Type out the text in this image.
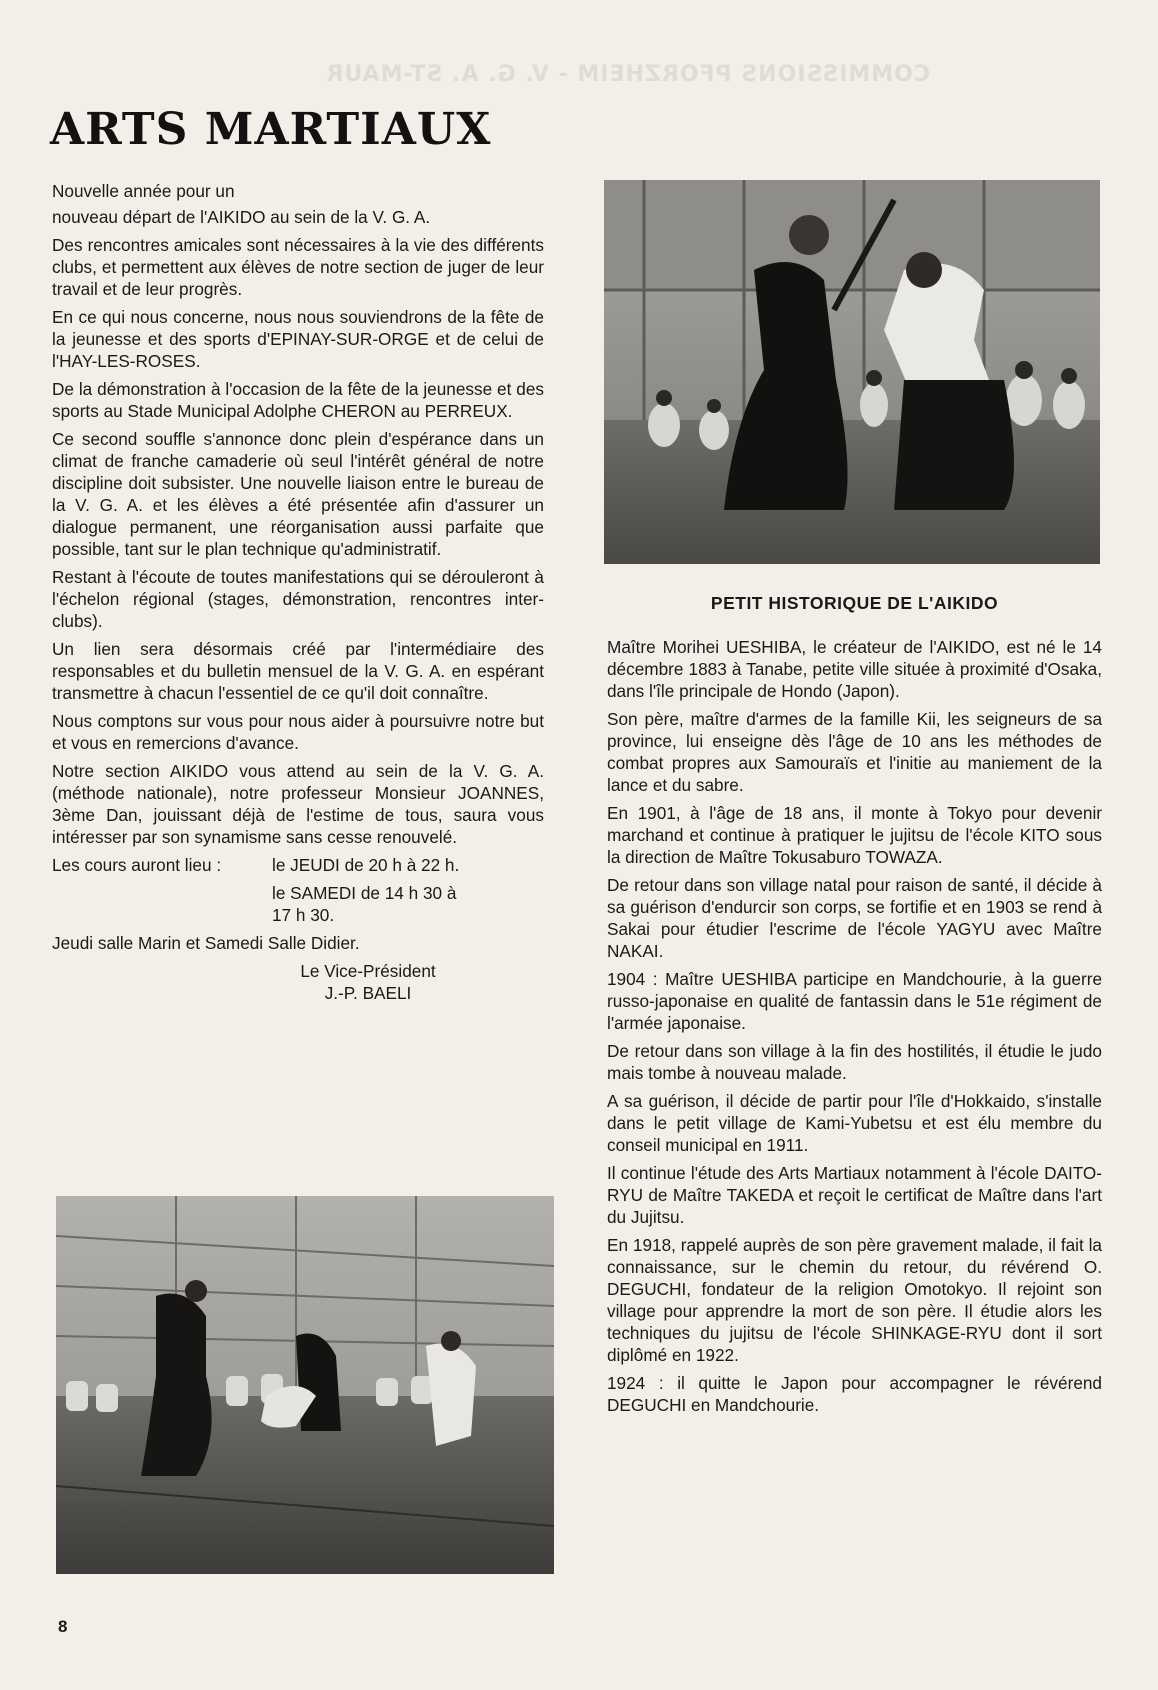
COMMISSIONS PFORZHEIM - V. G. A. ST-MAUR
ARTS MARTIAUX

Nouvelle année pour un

nouveau départ de l'AIKIDO au sein de la V. G. A.

Des rencontres amicales sont nécessaires à la vie des différents clubs, et permettent aux élèves de notre section de juger de leur travail et de leur progrès.

En ce qui nous concerne, nous nous souviendrons de la fête de la jeunesse et des sports d'EPINAY-SUR-ORGE et de celui de l'HAY-LES-ROSES.

De la démonstration à l'occasion de la fête de la jeunesse et des sports au Stade Municipal Adolphe CHERON au PERREUX.

Ce second souffle s'annonce donc plein d'espérance dans un climat de franche camaderie où seul l'intérêt général de notre discipline doit subsister. Une nouvelle liaison entre le bureau de la V. G. A. et les élèves a été présentée afin d'assurer un dialogue permanent, une réorganisation aussi parfaite que possible, tant sur le plan technique qu'administratif.

Restant à l'écoute de toutes manifestations qui se dérouleront à l'échelon régional (stages, démonstration, rencontres inter-clubs).

Un lien sera désormais créé par l'intermédiaire des responsables et du bulletin mensuel de la V. G. A. en espérant transmettre à chacun l'essentiel de ce qu'il doit connaître.

Nous comptons sur vous pour nous aider à poursuivre notre but et vous en remercions d'avance.

Notre section AIKIDO vous attend au sein de la V. G. A. (méthode nationale), notre professeur Monsieur JOANNES, 3ème Dan, jouissant déjà de l'estime de tous, saura vous intéresser par son synamisme sans cesse renouvelé.

Les cours auront lieu :	le JEUDI de 20 h à 22 h.
le SAMEDI de 14 h 30 à
17 h 30.

Jeudi salle Marin et Samedi Salle Didier.

Le Vice-Président
J.-P. BAELI

PETIT HISTORIQUE DE L'AIKIDO

Maître Morihei UESHIBA, le créateur de l'AIKIDO, est né le 14 décembre 1883 à Tanabe, petite ville située à proximité d'Osaka, dans l'île principale de Hondo (Japon).

Son père, maître d'armes de la famille Kii, les seigneurs de sa province, lui enseigne dès l'âge de 10 ans les méthodes de combat propres aux Samouraïs et l'initie au maniement de la lance et du sabre.

En 1901, à l'âge de 18 ans, il monte à Tokyo pour devenir marchand et continue à pratiquer le jujitsu de l'école KITO sous la direction de Maître Tokusaburo TOWAZA.

De retour dans son village natal pour raison de santé, il décide à sa guérison d'endurcir son corps, se fortifie et en 1903 se rend à Sakai pour étudier l'escrime de l'école YAGYU avec Maître NAKAI.

1904 : Maître UESHIBA participe en Mandchourie, à la guerre russo-japonaise en qualité de fantassin dans le 51e régiment de l'armée japonaise.

De retour dans son village à la fin des hostilités, il étudie le judo mais tombe à nouveau malade.

A sa guérison, il décide de partir pour l'île d'Hokkaido, s'installe dans le petit village de Kami-Yubetsu et est élu membre du conseil municipal en 1911.

Il continue l'étude des Arts Martiaux notamment à l'école DAITO-RYU de Maître TAKEDA et reçoit le certificat de Maître dans l'art du Jujitsu.

En 1918, rappelé auprès de son père gravement malade, il fait la connaissance, sur le chemin du retour, du révérend O. DEGUCHI, fondateur de la religion Omotokyo. Il rejoint son village pour apprendre la mort de son père. Il étudie alors les techniques du jujitsu de l'école SHINKAGE-RYU dont il sort diplômé en 1922.

1924 : il quitte le Japon pour accompagner le révérend DEGUCHI en Mandchourie.

8
